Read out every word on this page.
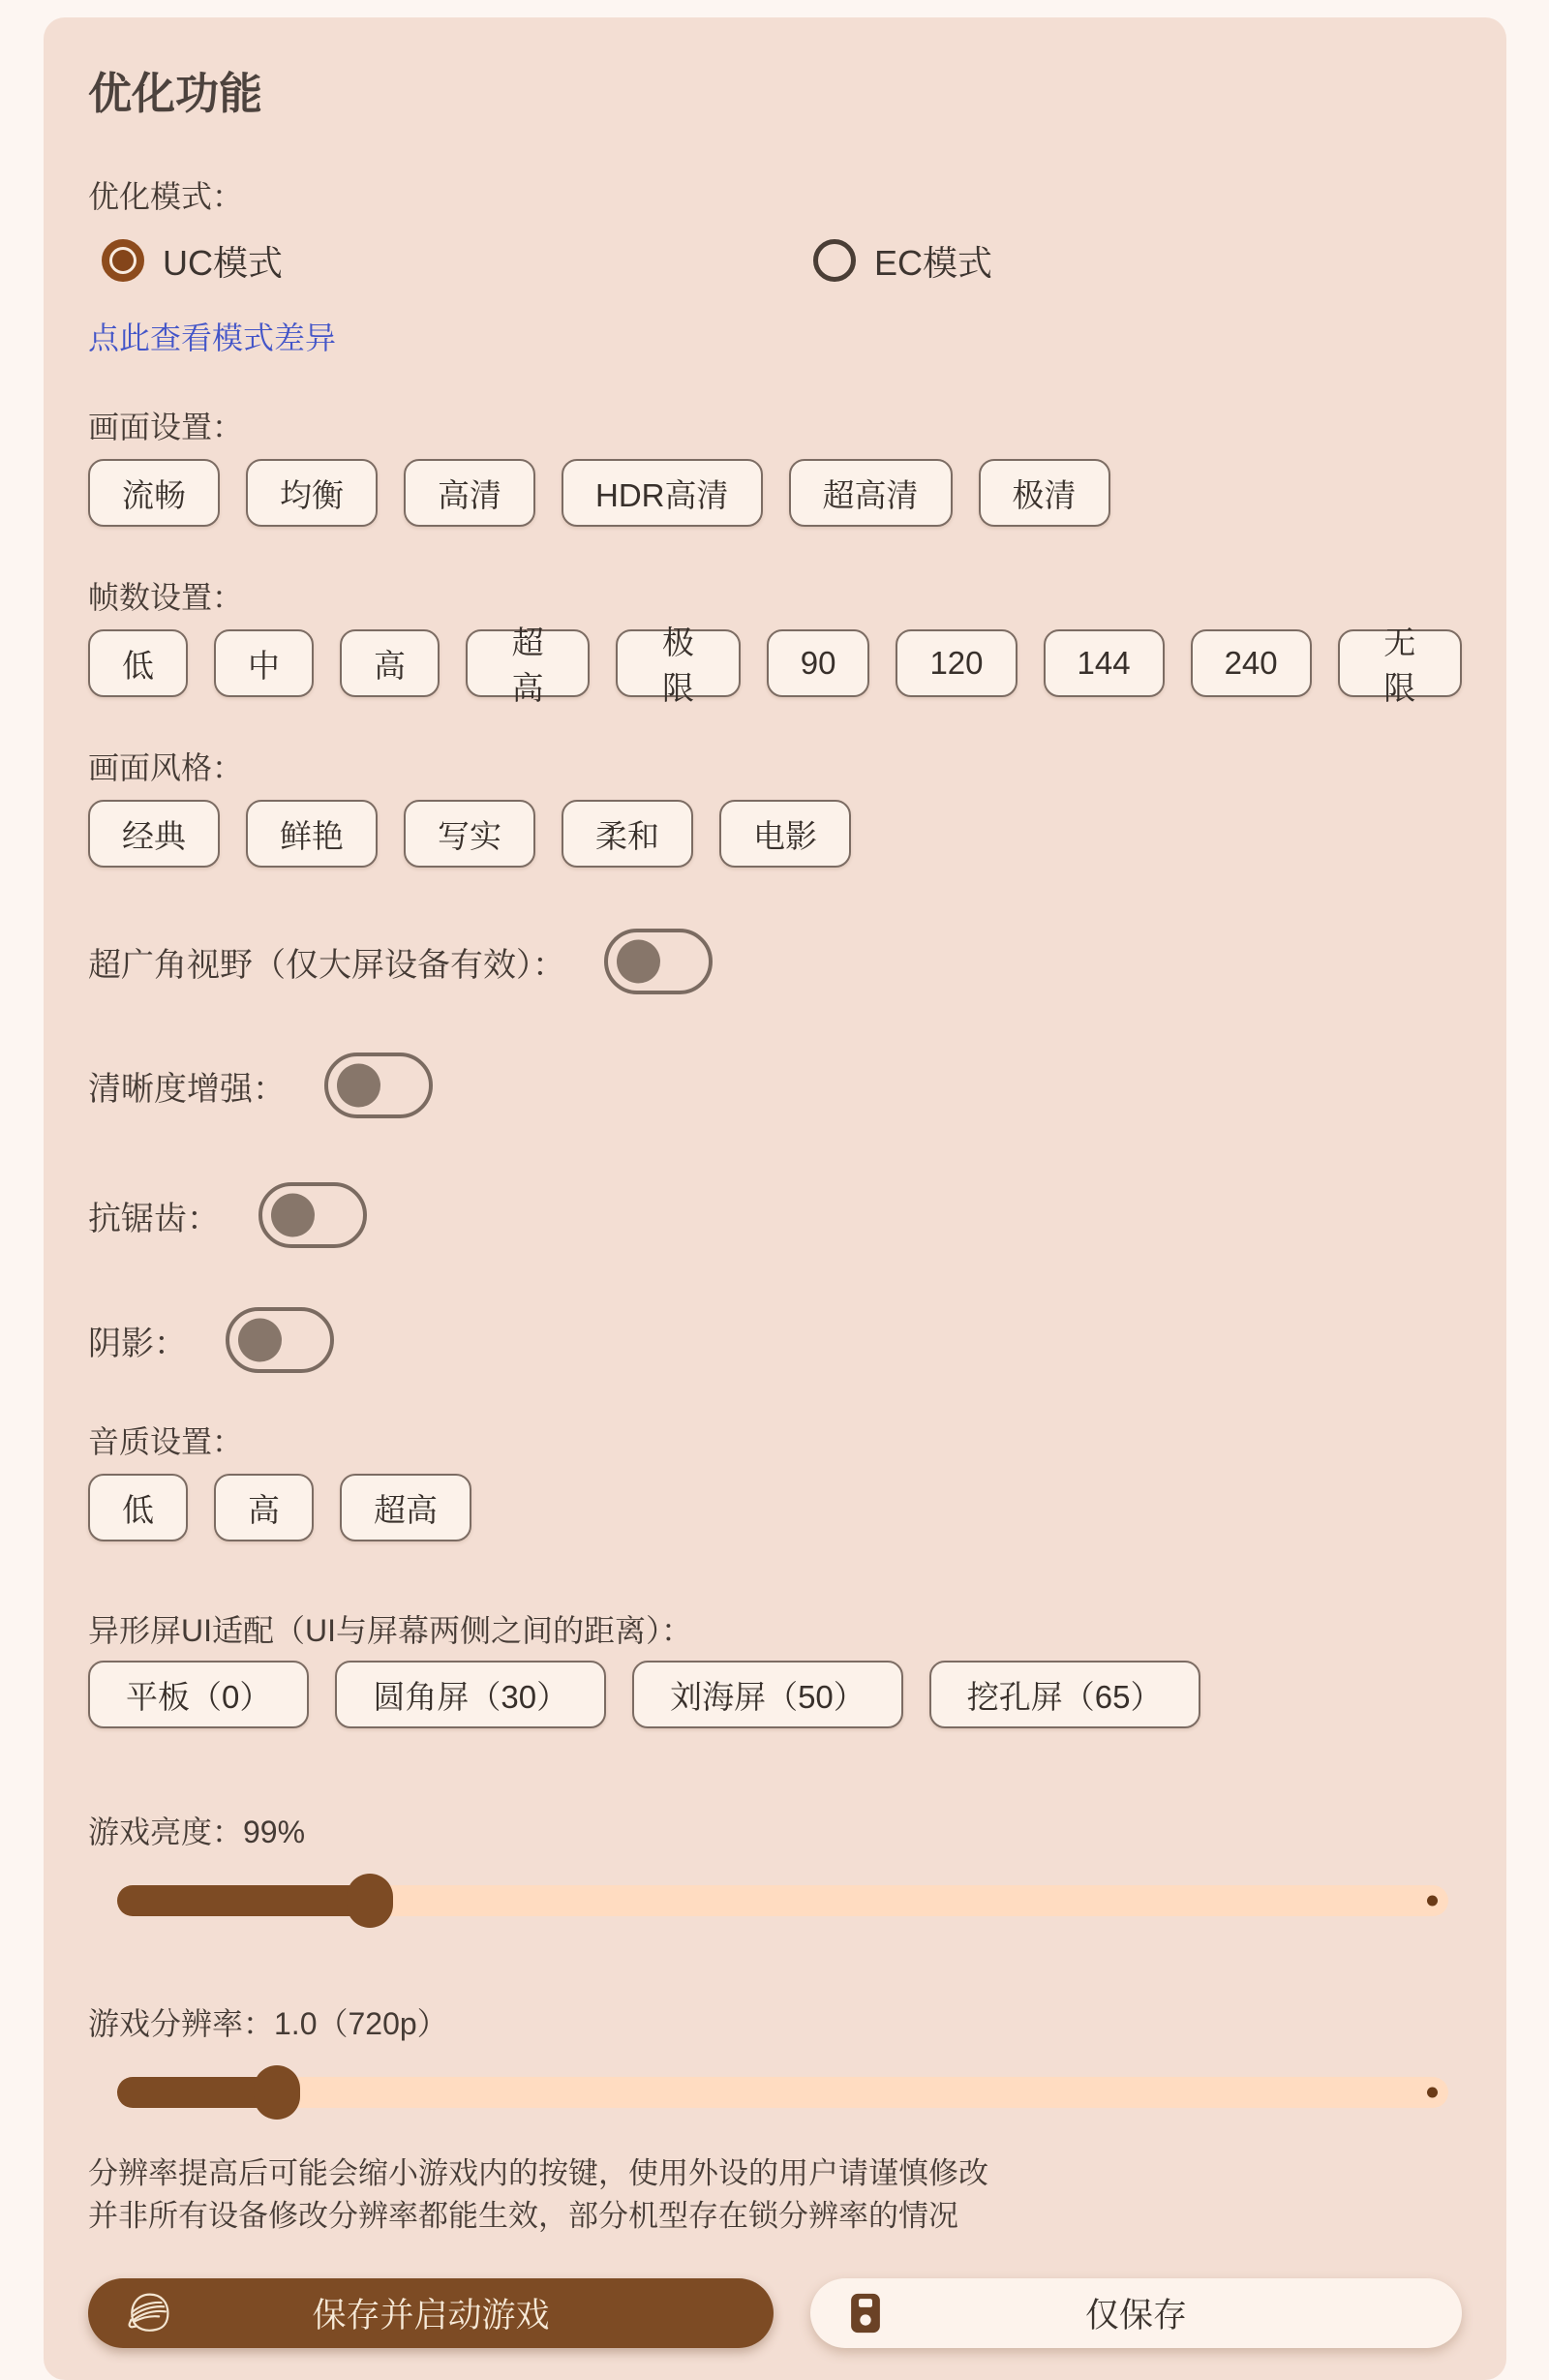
优化功能
优化模式：
UC模式	EC模式
点此查看模式差异
画面设置：
流畅	均衡	高清	HDR高清	超高清	极清
帧数设置：
低	中	高
超高
极限
90	120	144	240
无限
画面风格：
经典	鲜艳	写实	柔和	电影
超广角视野（仅大屏设备有效）：
清晰度增强：
抗锯齿：
阴影：
音质设置：
低	高	超高
异形屏UI适配（UI与屏幕两侧之间的距离）：
平板（0）	圆角屏（30）	刘海屏（50）	挖孔屏（65）
游戏亮度：99%
游戏分辨率：1.0（720p）
分辨率提高后可能会缩小游戏内的按键，使用外设的用户请谨慎修改
并非所有设备修改分辨率都能生效，部分机型存在锁分辨率的情况
保存并启动游戏	仅保存
